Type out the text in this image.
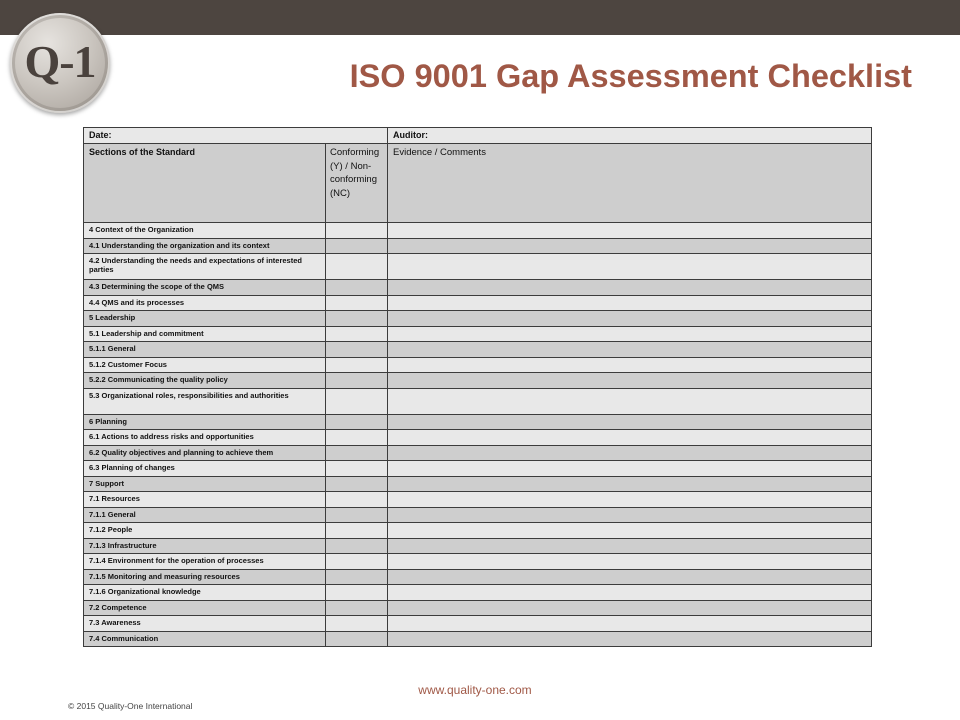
Q-1	ISO 9001 Gap Assessment Checklist
Date:		Auditor:
Sections of the Standard	Conforming (Y) / Non-conforming (NC)	Evidence / Comments
4 Context of the Organization		
4.1 Understanding the organization and its context		
4.2 Understanding the needs and expectations of interested parties		
4.3 Determining the scope of the QMS		
4.4 QMS and its processes		
5 Leadership		
5.1 Leadership and commitment		
5.1.1 General		
5.1.2 Customer Focus		
5.2.2 Communicating the quality policy		
5.3 Organizational roles, responsibilities and authorities		
6 Planning		
6.1 Actions to address risks and opportunities		
6.2 Quality objectives and planning to achieve them		
6.3 Planning of changes		
7 Support		
7.1 Resources		
7.1.1 General		
7.1.2 People		
7.1.3 Infrastructure		
7.1.4 Environment for the operation of processes		
7.1.5 Monitoring and measuring resources		
7.1.6 Organizational knowledge		
7.2 Competence		
7.3 Awareness		
7.4 Communication		
www.quality-one.com
© 2015 Quality-One International
